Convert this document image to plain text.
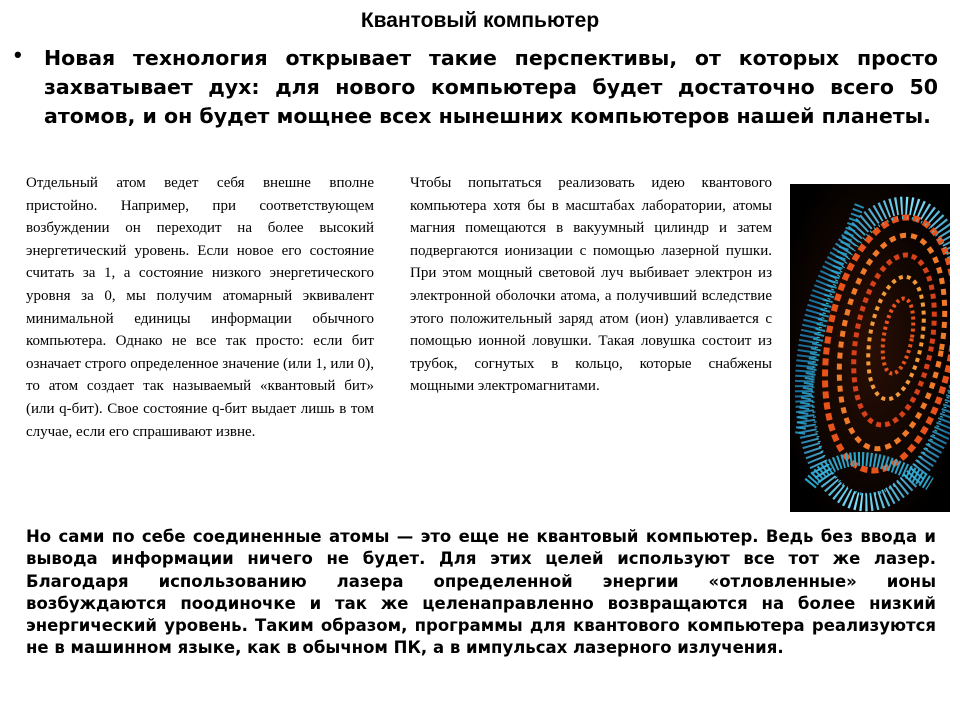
Квантовый компьютер
• Новая технология открывает такие перспективы, от которых просто захватывает дух: для нового компьютера будет достаточно всего 50 атомов, и он будет мощнее всех нынешних компьютеров нашей планеты.
Отдельный атом ведет себя внешне вполне пристойно. Например, при соответствующем возбуждении он переходит на более высокий энергетический уровень. Если новое его состояние считать за 1, а состояние низкого энергетического уровня за 0, мы получим атомарный эквивалент минимальной единицы информации обычного компьютера. Однако не все так просто: если бит означает строго определенное значение (или 1, или 0), то атом создает так называемый «квантовый бит» (или q-бит). Свое состояние q-бит выдает лишь в том случае, если его спрашивают извне.
Чтобы попытаться реализовать идею квантового компьютера хотя бы в масштабах лаборатории, атомы магния помещаются в вакуумный цилиндр и затем подвергаются ионизации с помощью лазерной пушки. При этом мощный световой луч выбивает электрон из электронной оболочки атома, а получивший вследствие этого положительный заряд атом (ион) улавливается с помощью ионной ловушки. Такая ловушка состоит из трубок, согнутых в кольцо, которые снабжены мощными электромагнитами.
Но сами по себе соединенные атомы — это еще не квантовый компьютер. Ведь без ввода и вывода информации ничего не будет. Для этих целей используют все тот же лазер. Благодаря использованию лазера определенной энергии «отловленные» ионы возбуждаются поодиночке и так же целенаправленно возвращаются на более низкий энергический уровень. Таким образом, программы для квантового компьютера реализуются не в машинном языке, как в обычном ПК, а в импульсах лазерного излучения.
